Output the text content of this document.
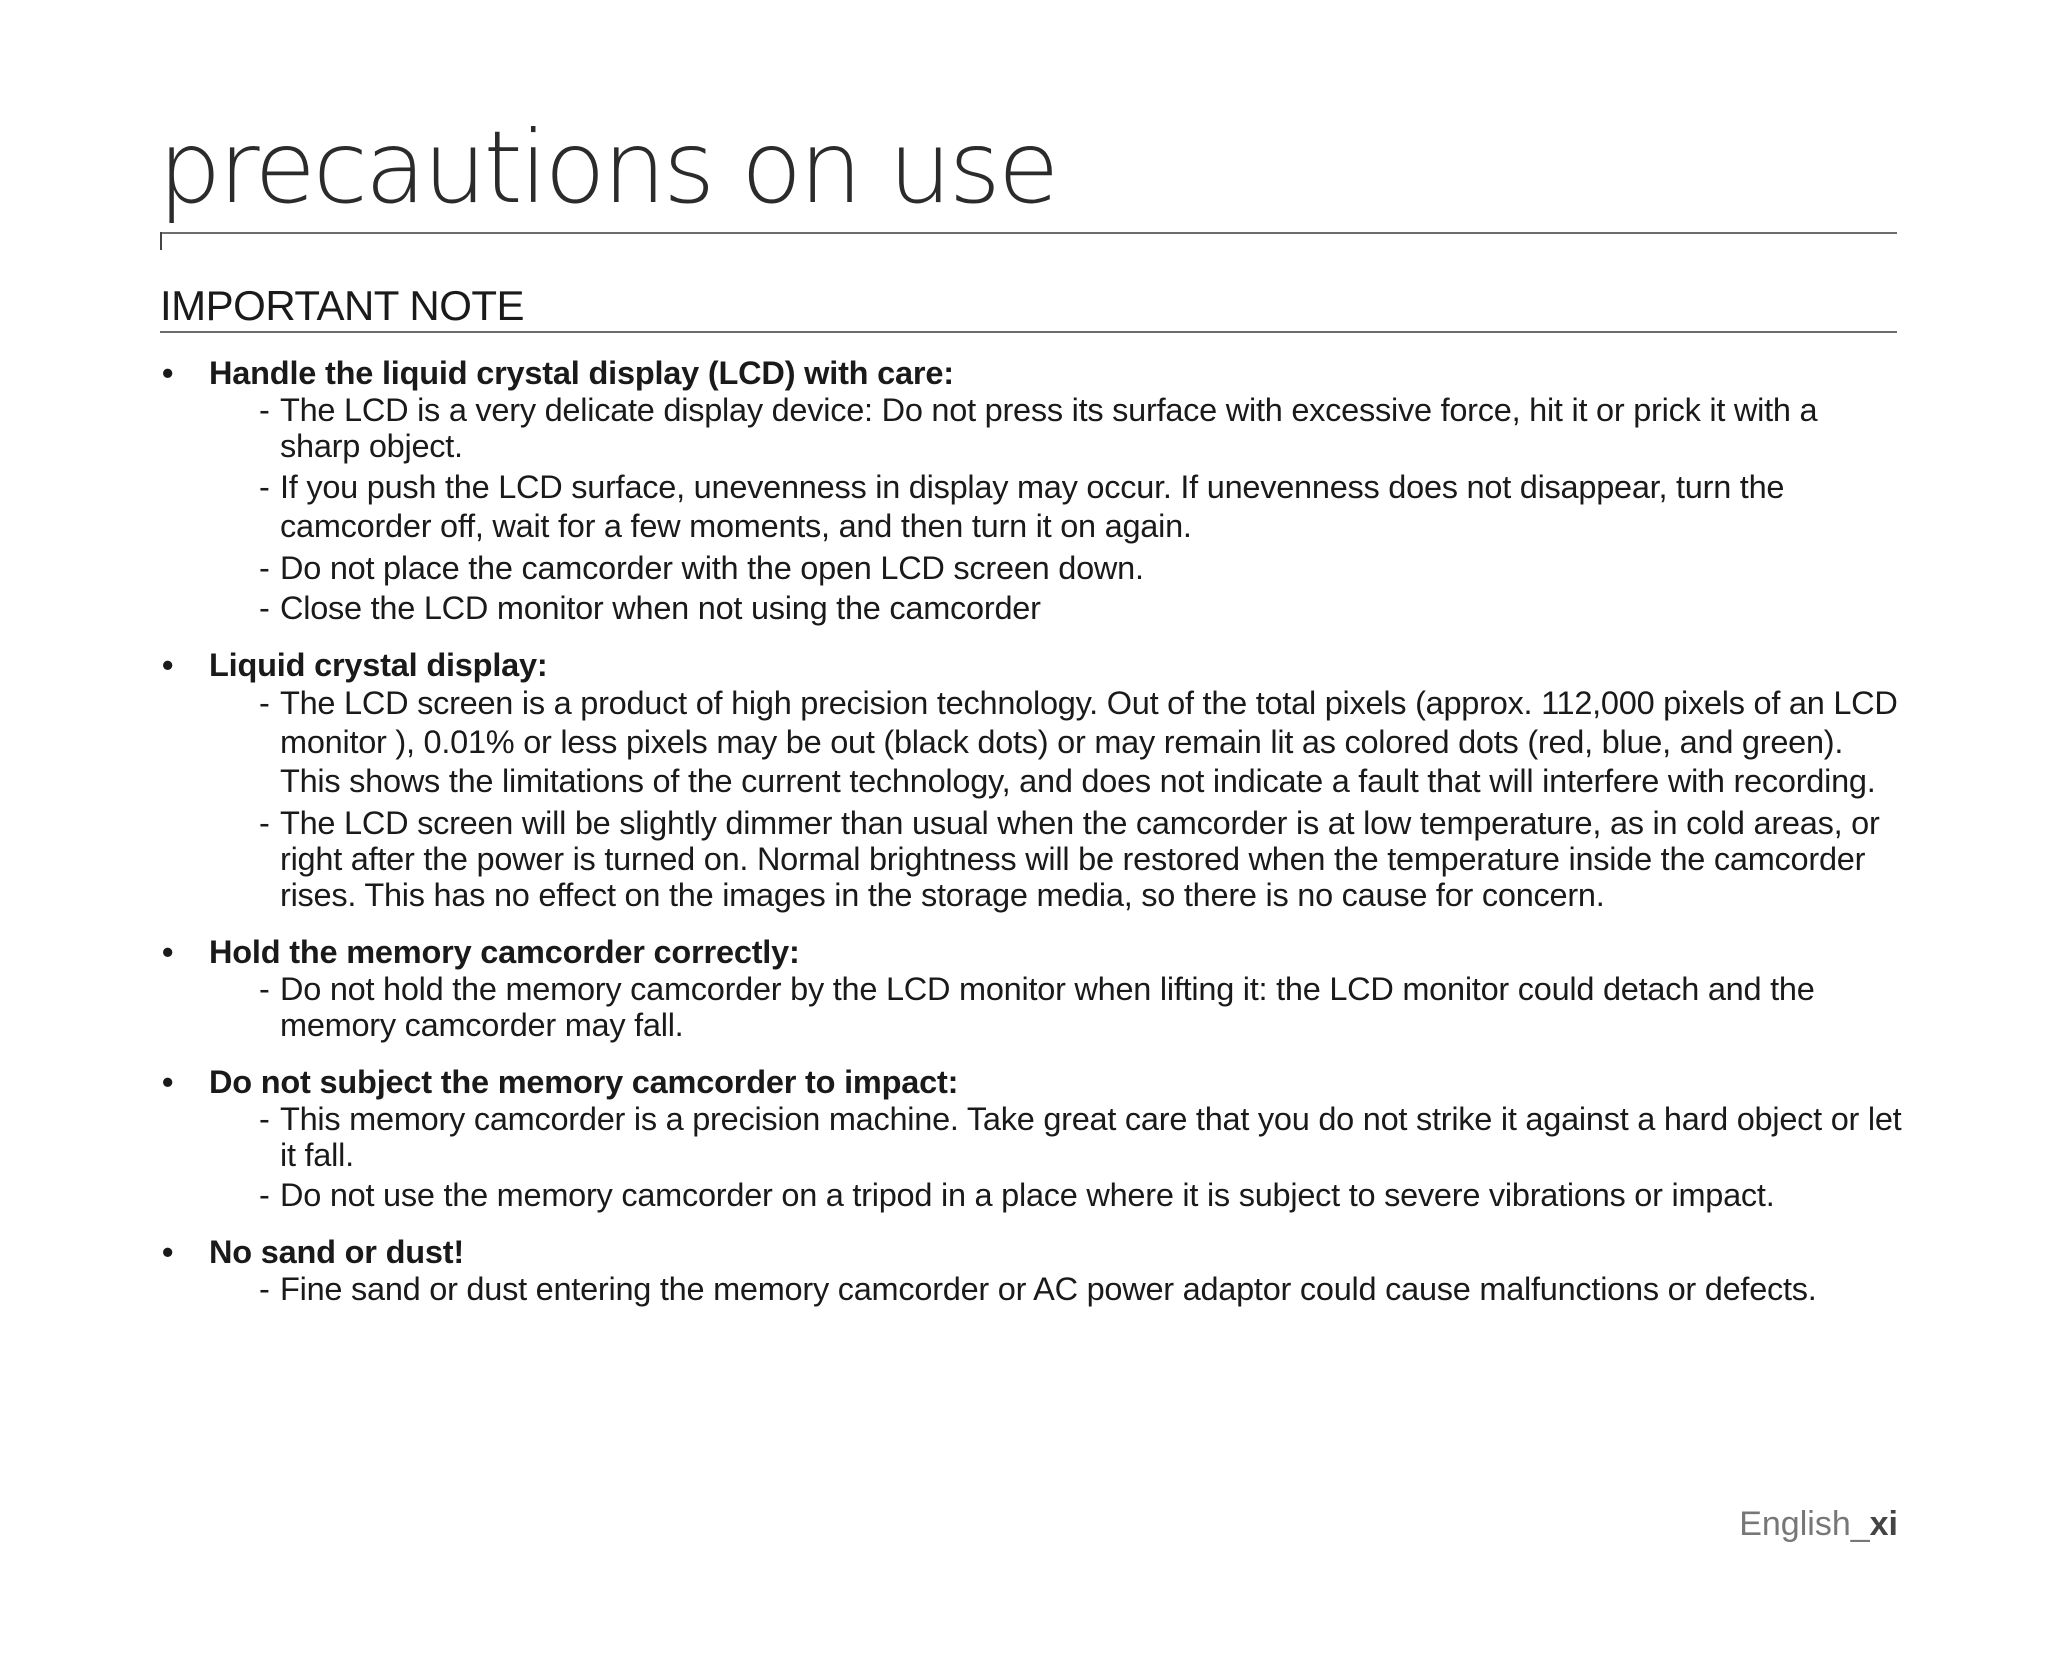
precautions on use
IMPORTANT NOTE
• Handle the liquid crystal display (LCD) with care:
- The LCD is a very delicate display device: Do not press its surface with excessive force, hit it or prick it with a sharp object.
- If you push the LCD surface, unevenness in display may occur. If unevenness does not disappear, turn the camcorder off, wait for a few moments, and then turn it on again.
- Do not place the camcorder with the open LCD screen down.
- Close the LCD monitor when not using the camcorder
• Liquid crystal display:
- The LCD screen is a product of high precision technology. Out of the total pixels (approx. 112,000 pixels of an LCD monitor ), 0.01% or less pixels may be out (black dots) or may remain lit as colored dots (red, blue, and green). This shows the limitations of the current technology, and does not indicate a fault that will interfere with recording.
- The LCD screen will be slightly dimmer than usual when the camcorder is at low temperature, as in cold areas, or right after the power is turned on. Normal brightness will be restored when the temperature inside the camcorder rises. This has no effect on the images in the storage media, so there is no cause for concern.
• Hold the memory camcorder correctly:
- Do not hold the memory camcorder by the LCD monitor when lifting it: the LCD monitor could detach and the memory camcorder may fall.
• Do not subject the memory camcorder to impact:
- This memory camcorder is a precision machine. Take great care that you do not strike it against a hard object or let it fall.
- Do not use the memory camcorder on a tripod in a place where it is subject to severe vibrations or impact.
• No sand or dust!
- Fine sand or dust entering the memory camcorder or AC power adaptor could cause malfunctions or defects.
English_xi
